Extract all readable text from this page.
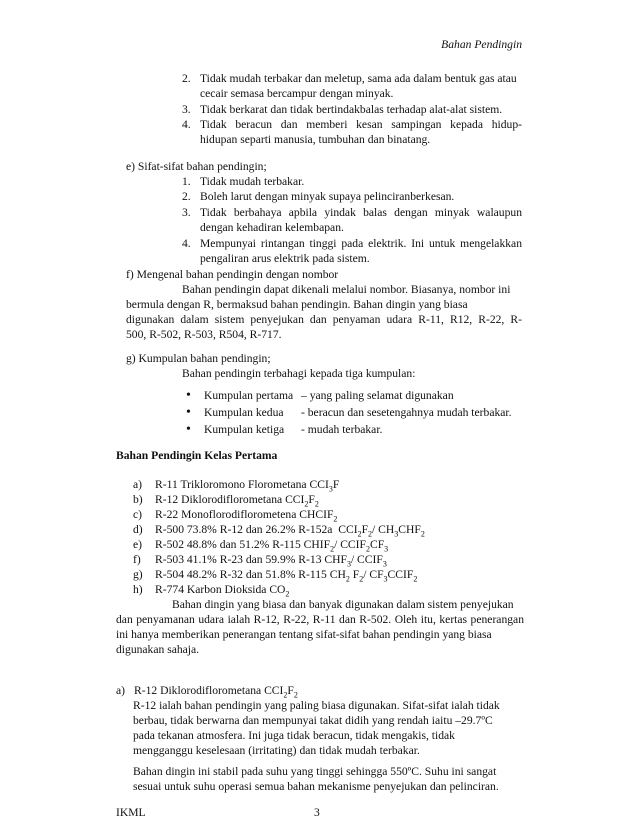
Bahan Pendingin
2. Tidak mudah terbakar dan meletup, sama ada dalam bentuk gas atau
cecair semasa bercampur dengan minyak.
3. Tidak berkarat dan tidak bertindakbalas terhadap alat-alat sistem.
4. Tidak beracun dan memberi kesan sampingan kepada hidup-
hidupan separti manusia, tumbuhan dan binatang.
e) Sifat-sifat bahan pendingin;
1. Tidak mudah terbakar.
2. Boleh larut dengan minyak supaya pelinciranberkesan.
3. Tidak berbahaya apbila yindak balas dengan minyak walaupun
dengan kehadiran kelembapan.
4. Mempunyai rintangan tinggi pada elektrik. Ini untuk mengelakkan
pengaliran arus elektrik pada sistem.
f) Mengenal bahan pendingin dengan nombor
Bahan pendingin dapat dikenali melalui nombor. Biasanya, nombor ini
bermula dengan R, bermaksud bahan pendingin. Bahan dingin yang biasa
digunakan dalam sistem penyejukan dan penyaman udara R-11, R12, R-22, R-
500, R-502, R-503, R504, R-717.
g) Kumpulan bahan pendingin;
Bahan pendingin terbahagi kepada tiga kumpulan:
• Kumpulan pertama – yang paling selamat digunakan
• Kumpulan kedua - beracun dan sesetengahnya mudah terbakar.
• Kumpulan ketiga - mudah terbakar.
Bahan Pendingin Kelas Pertama
a) R-11 Trikloromono Florometana $CCI_3F$
b) R-12 Diklorodiflorometana $CCI_2F_2$
c) R-22 Monoflorodiflorometena $CHCIF_2$
d) R-500 73.8% R-12 dan 26.2% R-152a  $CCI_2F_2/$ $CH_3CHF_2$
e) R-502 48.8% dan 51.2% R-115 $CHIF_2/$ $CCIF_2CF_3$
f) R-503 41.1% R-23 dan 59.9% R-13 $CHF_3/$ $CCIF_3$
g) R-504 48.2% R-32 dan 51.8% R-115 $CH_2$ $F_2/$ $CF_3CCIF_2$
h) R-774 Karbon Dioksida $CO_2$
Bahan dingin yang biasa dan banyak digunakan dalam sistem penyejukan
dan penyamanan udara ialah R-12, R-22, R-11 dan R-502. Oleh itu, kertas penerangan
ini hanya memberikan penerangan tentang sifat-sifat bahan pendingin yang biasa
digunakan sahaja.
a) R-12 Diklorodiflorometana $CCI_2F_2$
R-12 ialah bahan pendingin yang paling biasa digunakan. Sifat-sifat ialah tidak
berbau, tidak berwarna dan mempunyai takat didih yang rendah iaitu –29.7ºC
pada tekanan atmosfera. Ini juga tidak beracun, tidak mengakis, tidak
mengganggu keselesaan (irritating) dan tidak mudah terbakar.
Bahan dingin ini stabil pada suhu yang tinggi sehingga 550ºC. Suhu ini sangat
sesuai untuk suhu operasi semua bahan mekanisme penyejukan dan pelinciran.
IKML	3
